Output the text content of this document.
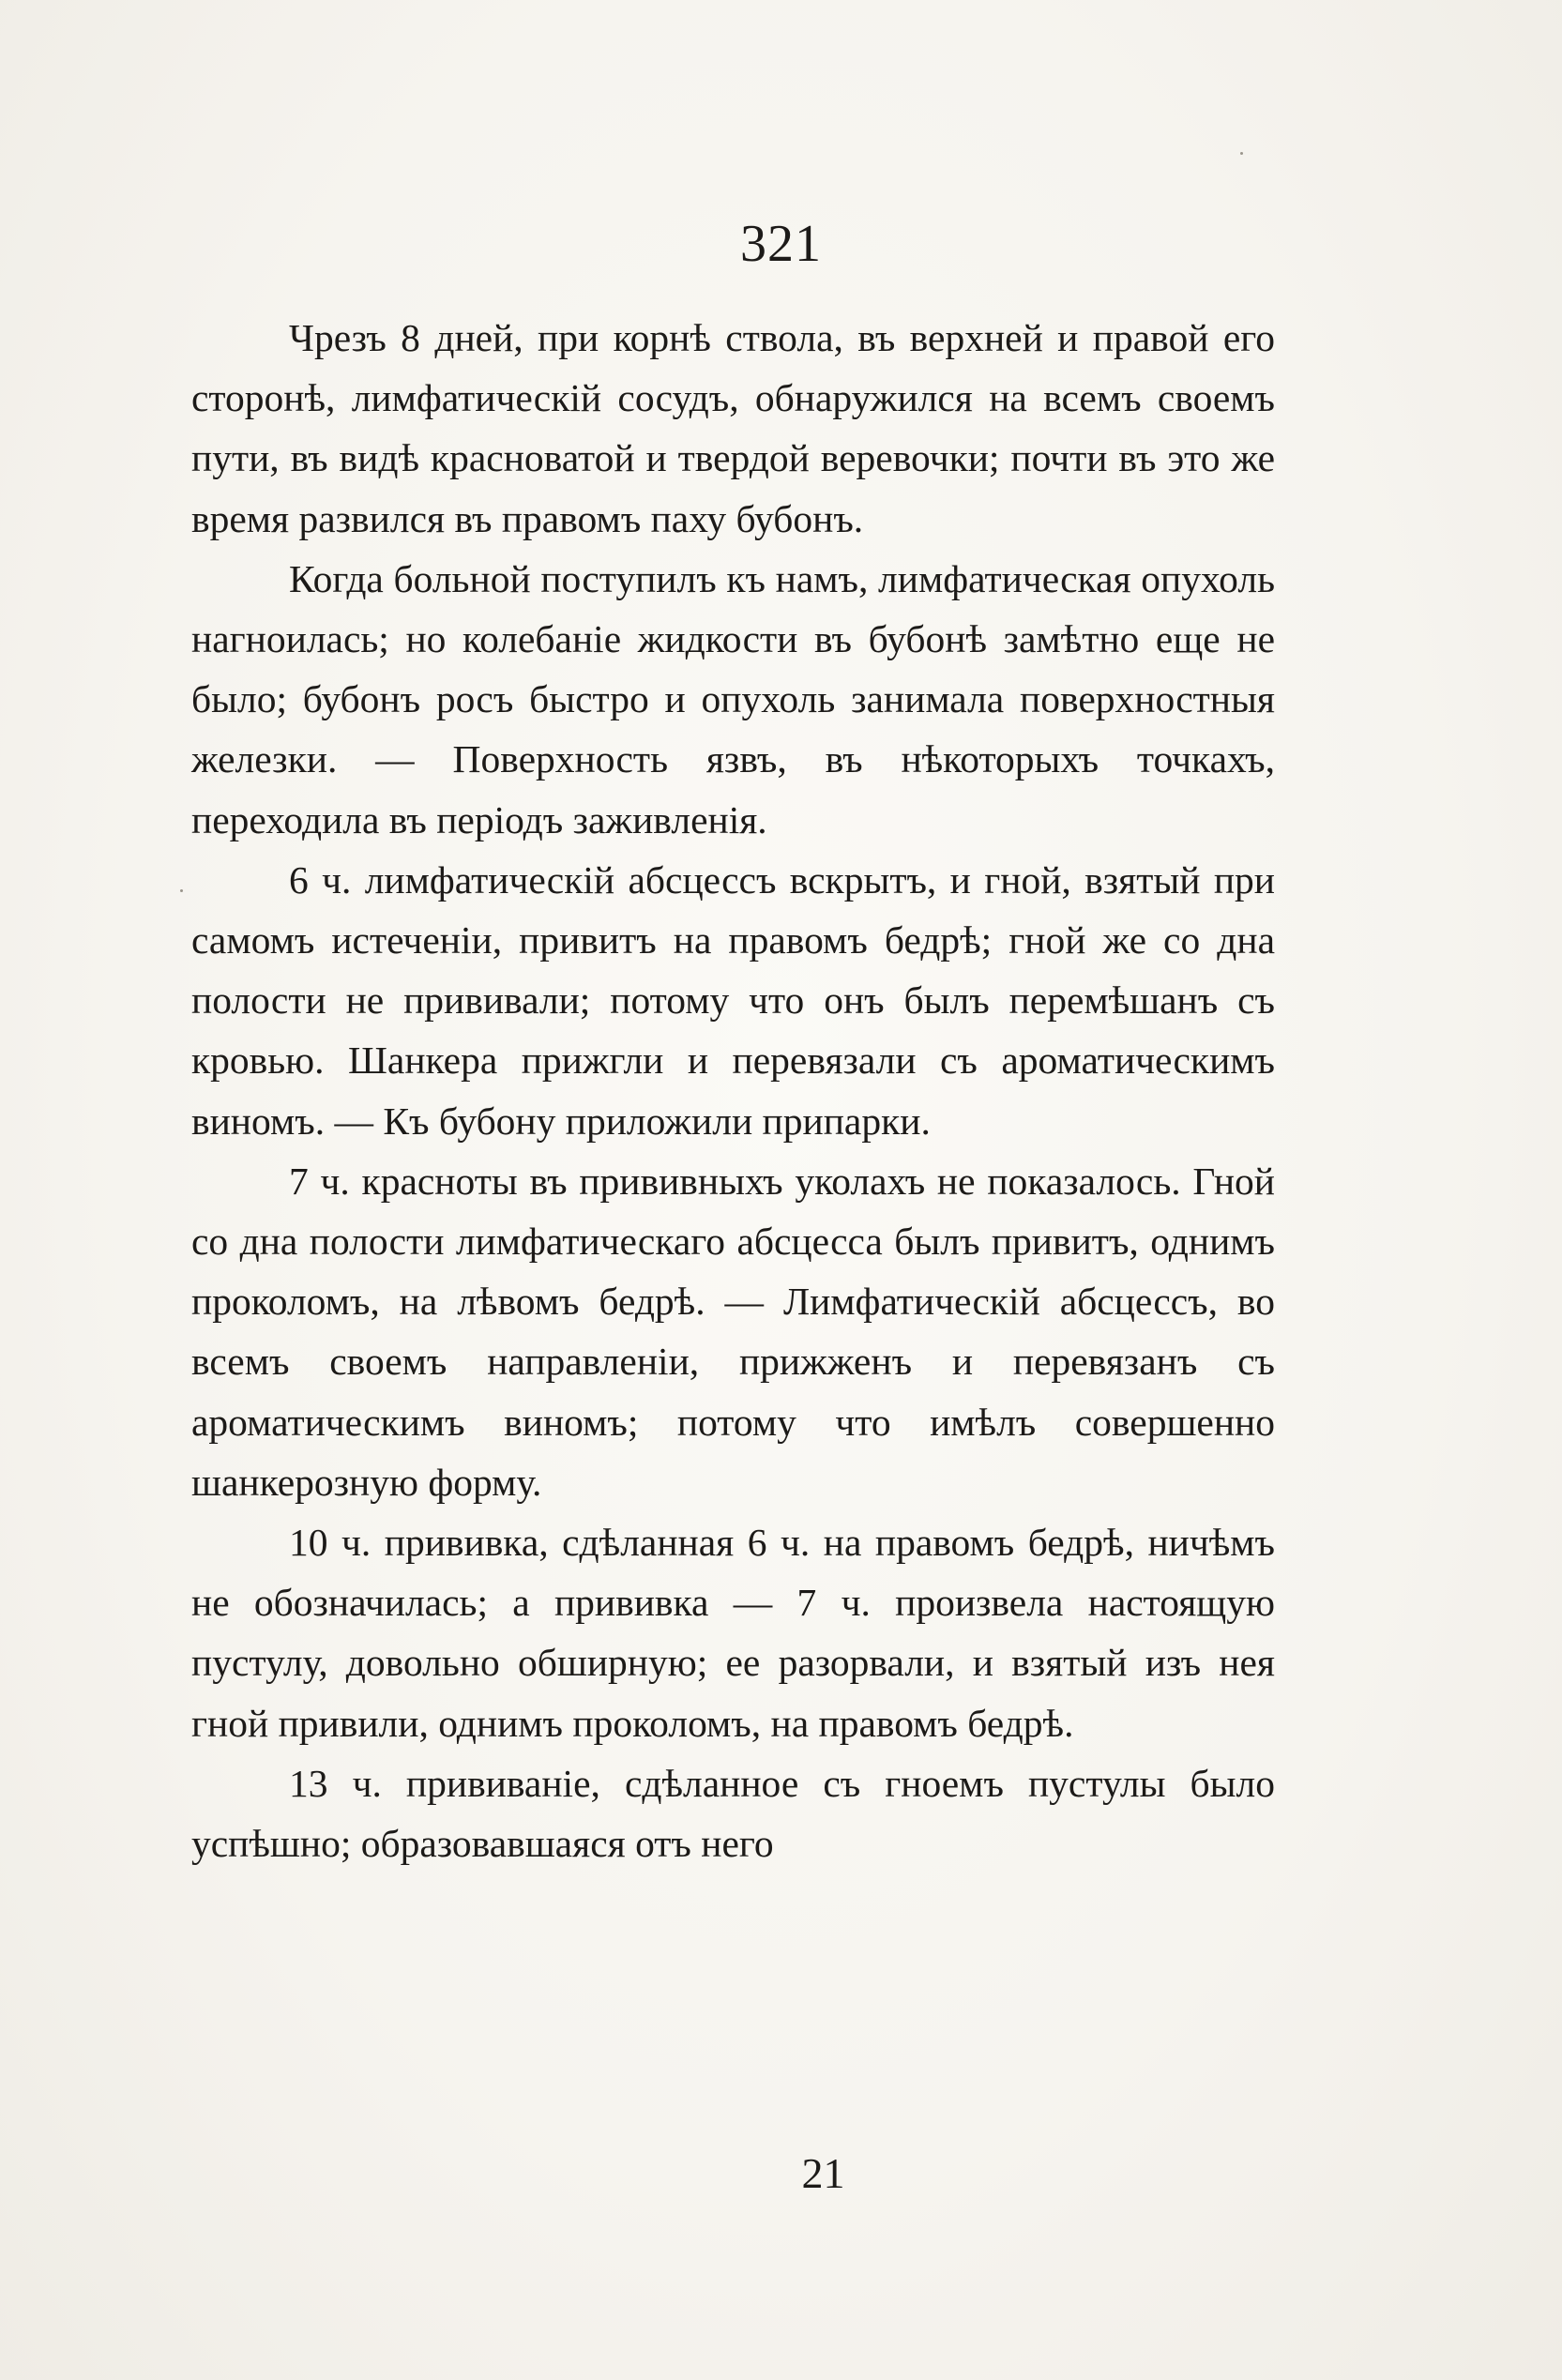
321

Чрезъ 8 дней, при корнѣ ствола, въ верхней и правой его сторонѣ, лимфатическій сосудъ, обнаружился на всемъ своемъ пути, въ видѣ красноватой и твердой веревочки; почти въ это же время развился въ правомъ паху бубонъ.

Когда больной поступилъ къ намъ, лимфатическая опухоль нагноилась; но колебаніе жидкости въ бубонѣ замѣтно еще не было; бубонъ росъ быстро и опухоль занимала поверхностныя железки. — Поверхность язвъ, въ нѣкоторыхъ точкахъ, переходила въ періодъ заживленія.

6 ч. лимфатическій абсцессъ вскрытъ, и гной, взятый при самомъ истеченіи, привитъ на правомъ бедрѣ; гной же со дна полости не прививали; потому что онъ былъ перемѣшанъ съ кровью. Шанкера прижгли и перевязали съ ароматическимъ виномъ. — Къ бубону приложили припарки.

7 ч. красноты въ прививныхъ уколахъ не показалось. Гной со дна полости лимфатическаго абсцесса былъ привитъ, однимъ проколомъ, на лѣвомъ бедрѣ. — Лимфатическій абсцессъ, во всемъ своемъ направленіи, прижженъ и перевязанъ съ ароматическимъ виномъ; потому что имѣлъ совершенно шанкерозную форму.

10 ч. прививка, сдѣланная 6 ч. на правомъ бедрѣ, ничѣмъ не обозначилась; а прививка — 7 ч. произвела настоящую пустулу, довольно обширную; ее разорвали, и взятый изъ нея гной привили, однимъ проколомъ, на правомъ бедрѣ.

13 ч. прививаніе, сдѣланное съ гноемъ пустулы было успѣшно; образовавшаяся отъ него

21
